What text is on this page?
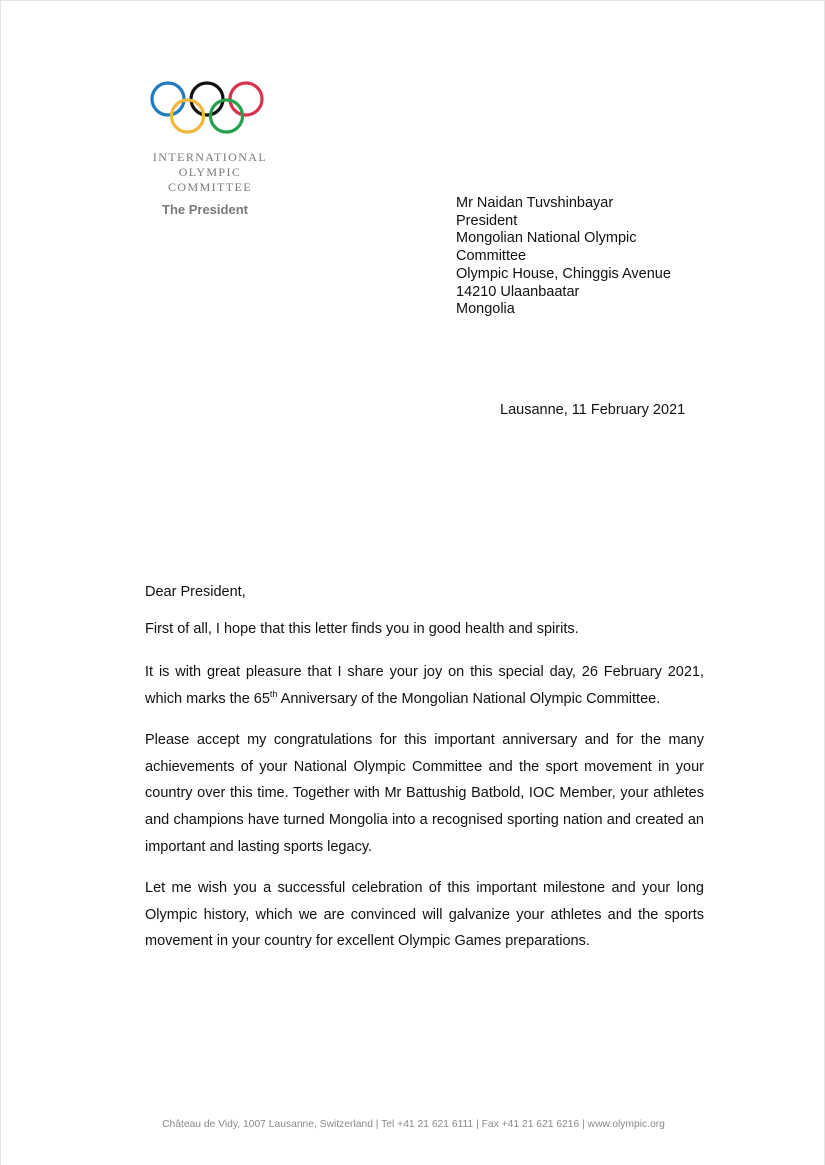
INTERNATIONAL
OLYMPIC
COMMITTEE
The President	Mr Naidan Tuvshinbayar
President
Mongolian National Olympic
Committee
Olympic House, Chinggis Avenue
14210 Ulaanbaatar
Mongolia
Lausanne, 11 February 2021

Dear President,

First of all, I hope that this letter finds you in good health and spirits.

It is with great pleasure that I share your joy on this special day, 26 February 2021, which marks the 65th Anniversary of the Mongolian National Olympic Committee.

Please accept my congratulations for this important anniversary and for the many achievements of your National Olympic Committee and the sport movement in your country over this time. Together with Mr Battushig Batbold, IOC Member, your athletes and champions have turned Mongolia into a recognised sporting nation and created an important and lasting sports legacy.

Let me wish you a successful celebration of this important milestone and your long Olympic history, which we are convinced will galvanize your athletes and the sports movement in your country for excellent Olympic Games preparations.

Château de Vidy, 1007 Lausanne, Switzerland | Tel +41 21 621 6111 | Fax +41 21 621 6216 | www.olympic.org
